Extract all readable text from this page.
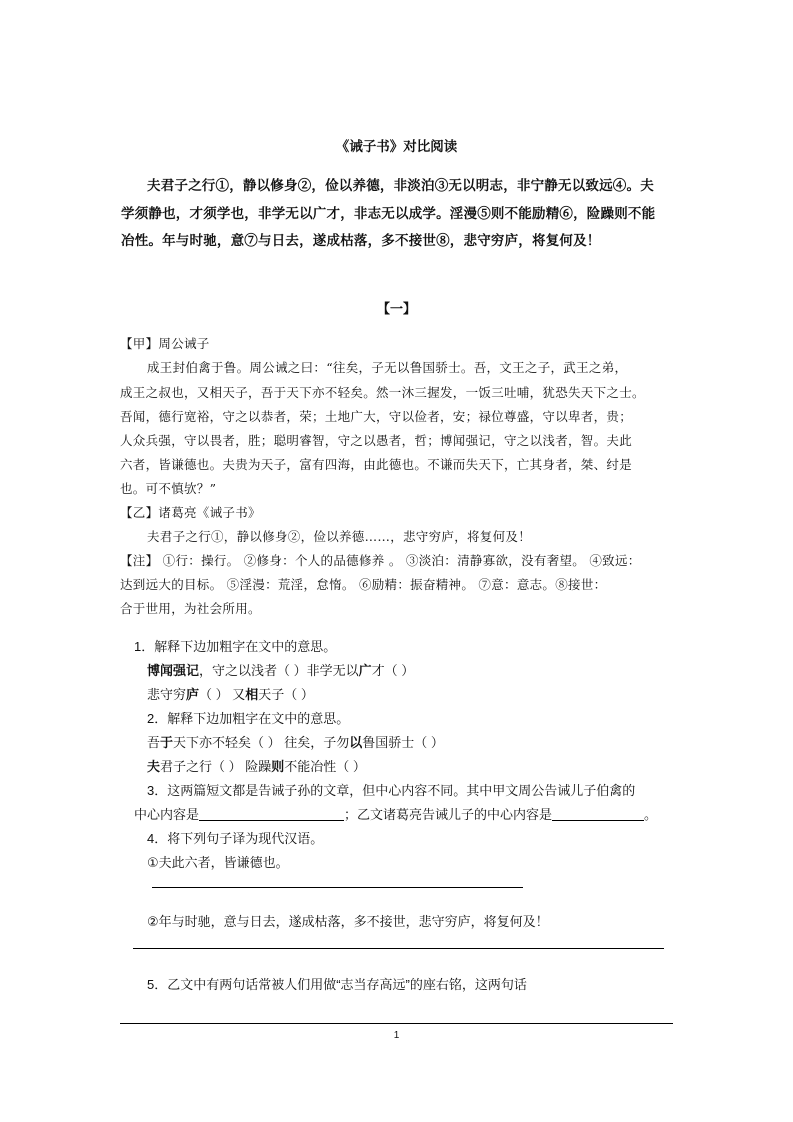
《诫子书》对比阅读
夫君子之行①，静以修身②，俭以养德，非淡泊③无以明志，非宁静无以致远④。夫
学须静也，才须学也，非学无以广才，非志无以成学。淫漫⑤则不能励精⑥，险躁则不能
冶性。年与时驰，意⑦与日去，遂成枯落，多不接世⑧，悲守穷庐，将复何及！
【一】
【甲】周公诫子
成王封伯禽于鲁。周公诫之曰：“往矣，子无以鲁国骄士。吾，文王之子，武王之弟，
成王之叔也，又相天子，吾于天下亦不轻矣。然一沐三握发，一饭三吐哺，犹恐失天下之士。
吾闻，德行宽裕，守之以恭者，荣；土地广大，守以俭者，安；禄位尊盛，守以卑者，贵；
人众兵强，守以畏者，胜；聪明睿智，守之以愚者，哲；博闻强记，守之以浅者，智。夫此
六者，皆谦德也。夫贵为天子，富有四海，由此德也。不谦而失天下，亡其身者，桀、纣是
也。可不慎欤？”
【乙】诸葛亮《诫子书》
夫君子之行①，静以修身②，俭以养德……，悲守穷庐，将复何及！
【注】 ①行：操行。 ②修身：个人的品德修养 。 ③淡泊：清静寡欲，没有奢望。 ④致远：
达到远大的目标。 ⑤淫漫：荒淫，怠惰。 ⑥励精：振奋精神。 ⑦意：意志。⑧接世：
合于世用，为社会所用。
1．解释下边加粗字在文中的意思。
博闻强记，守之以浅者（ ）非学无以广才（ ）
悲守穷庐（ ） 又相天子（ ）
2．解释下边加粗字在文中的意思。
吾于天下亦不轻矣（ ） 往矣，子勿以鲁国骄士（ ）
夫君子之行（ ） 险躁则不能冶性（ ）
3．这两篇短文都是告诫子孙的文章，但中心内容不同。其中甲文周公告诫儿子伯禽的
中心内容是	；乙文诸葛亮告诫儿子的中心内容是	。
4．将下列句子译为现代汉语。
①夫此六者，皆谦德也。
②年与时驰，意与日去，遂成枯落，多不接世，悲守穷庐，将复何及！
5．乙文中有两句话常被人们用做“志当存高远”的座右铭，这两句话
1
